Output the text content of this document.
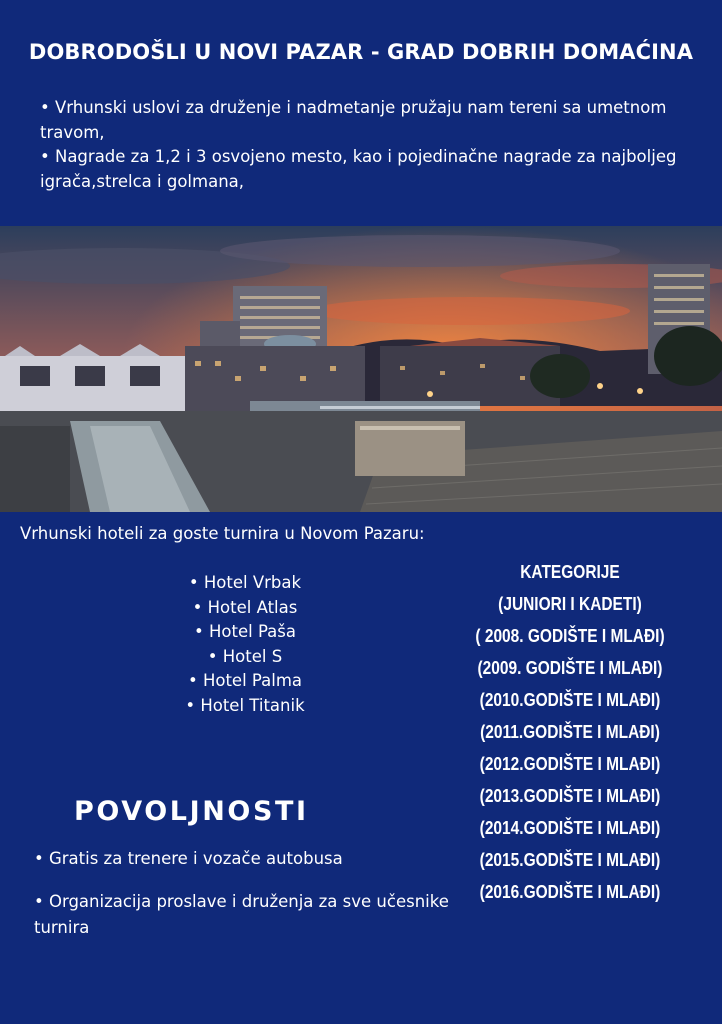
DOBRODOŠLI U NOVI PAZAR - GRAD DOBRIH DOMAĆINA

• Vrhunski uslovi za druženje i nadmetanje pružaju nam tereni sa umetnom travom,

• Nagrade za 1,2 i 3 osvojeno mesto, kao i pojedinačne nagrade za najboljeg igrača,strelca i golmana,

Vrhunski hoteli za goste turnira u Novom Pazaru:
• Hotel Vrbak
• Hotel Atlas
• Hotel Paša
• Hotel S
• Hotel Palma
• Hotel Titanik
KATEGORIJE
(JUNIORI I KADETI)
( 2008. GODIŠTE I MLAĐI)
(2009. GODIŠTE I MLAĐI)
(2010.GODIŠTE I MLAĐI)
(2011.GODIŠTE I MLAĐI)
(2012.GODIŠTE I MLAĐI)
(2013.GODIŠTE I MLAĐI)
(2014.GODIŠTE I MLAĐI)
(2015.GODIŠTE I MLAĐI)
(2016.GODIŠTE I MLAĐI)
POVOLJNOSTI

• Gratis za trenere i vozače autobusa

• Organizacija proslave i druženja za sve učesnike turnira
